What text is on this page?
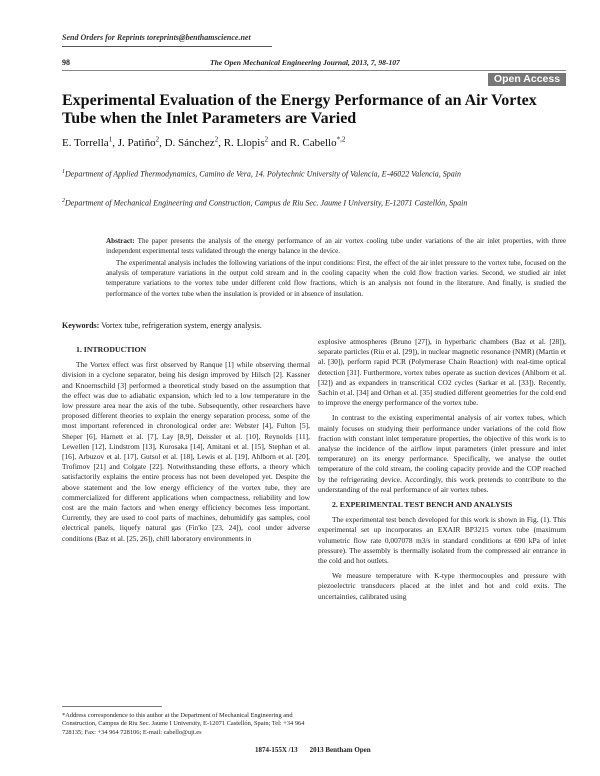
Send Orders for Reprints toreprints@benthamscience.net
98	The Open Mechanical Engineering Journal, 2013, 7, 98-107
Open Access
Experimental Evaluation of the Energy Performance of an Air Vortex Tube when the Inlet Parameters are Varied
E. Torrella$^1$, J. Patiño$^2$, D. Sánchez$^2$, R. Llopis$^2$ and R. Cabello$^{*,2}$
$^1$Department of Applied Thermodynamics, Camino de Vera, 14. Polytechnic University of Valencia, E-46022 Valencia, Spain
$^2$Department of Mechanical Engineering and Construction, Campus de Riu Sec. Jaume I University, E-12071 Castellón, Spain
Abstract: The paper presents the analysis of the energy performance of an air vortex cooling tube under variations of the air inlet properties, with three independent experimental tests validated through the energy balance in the device.
The experimental analysis includes the following variations of the input conditions: First, the effect of the air inlet pressure to the vortex tube, focused on the analysis of temperature variations in the output cold stream and in the cooling capacity when the cold flow fraction varies. Second, we studied air inlet temperature variations to the vortex tube under different cold flow fractions, which is an analysis not found in the literature. And finally, is studied the performance of the vortex tube when the insulation is provided or in absence of insulation.
Keywords: Vortex tube, refrigeration system, energy analysis.

1. INTRODUCTION

The Vortex effect was first observed by Ranque [1] while observing thermal division in a cyclone separator, being his design improved by Hilsch [2]. Kassner and Knoernschild [3] performed a theoretical study based on the assumption that the effect was due to adiabatic expansion, which led to a low temperature in the low pressure area near the axis of the tube. Subsequently, other researchers have proposed different theories to explain the energy separation process, some of the most important referenced in chronological order are: Webster [4], Fulton [5], Sheper [6], Harnett et al. [7], Lay [8,9], Deissler et al. [10], Reynolds [11], Lewellen [12], Lindstrom [13], Kurosaka [14], Amitani et al. [15], Stephan et al. [16], Arbuzov et al. [17], Gutsol et al. [18], Lewis et al. [19], Ahlborn et al. [20], Trofimov [21] and Colgate [22]. Notwithstanding these efforts, a theory which satisfactorily explains the entire process has not been developed yet. Despite the above statement and the low energy efficiency of the vortex tube, they are commercialized for different applications when compactness, reliability and low cost are the main factors and when energy efficiency becomes less important. Currently, they are used to cool parts of machines, dehumidify gas samples, cool electrical panels, liquefy natural gas (Fin'ko [23, 24]), cool under adverse conditions (Baz et al. [25, 26]), chill laboratory environments in

explosive atmospheres (Bruno [27]), in hyperbaric chambers (Baz et al. [28]), separate particles (Riu et al. [29]), in nuclear magnetic resonance (NMR) (Martin et al. [30]), perform rapid PCR (Polymerase Chain Reaction) with real-time optical detection [31]. Furthermore, vortex tubes operate as suction devices (Ahlborn et al. [32]) and as expanders in transcritical CO2 cycles (Sarkar et al. [33]). Recently, Sachin et al. [34] and Orhan et al. [35] studied different geometries for the cold end to improve the energy performance of the vortex tube.

In contrast to the existing experimental analysis of air vortex tubes, which mainly focuses on studying their performance under variations of the cold flow fraction with constant inlet temperature properties, the objective of this work is to analyse the incidence of the airflow input parameters (inlet pressure and inlet temperature) on its energy performance. Specifically, we analyse the outlet temperature of the cold stream, the cooling capacity provide and the COP reached by the refrigerating device. Accordingly, this work pretends to contribute to the understanding of the real performance of air vortex tubes.

2. EXPERIMENTAL TEST BENCH AND ANALYSIS

The experimental test bench developed for this work is shown in Fig. (1). This experimental set up incorporates an EXAIR BP3215 vortex tube (maximum volumetric flow rate 0,007078 m3/s in standard conditions at 690 kPa of inlet pressure). The assembly is thermally isolated from the compressed air entrance in the cold and hot outlets.

We measure temperature with K-type thermocouples and pressure with piezoelectric transducers placed at the inlet and hot and cold exits. The uncertainties, calibrated using

*Address correspondence to this author at the Department of Mechanical Engineering and Construction, Campus de Riu Sec. Jaume I University, E-12071 Castellón, Spain; Tel: +34 964 728135; Fax: +34 964 728106; E-mail: cabello@uji.es
1874-155X /13 2013 Bentham Open
